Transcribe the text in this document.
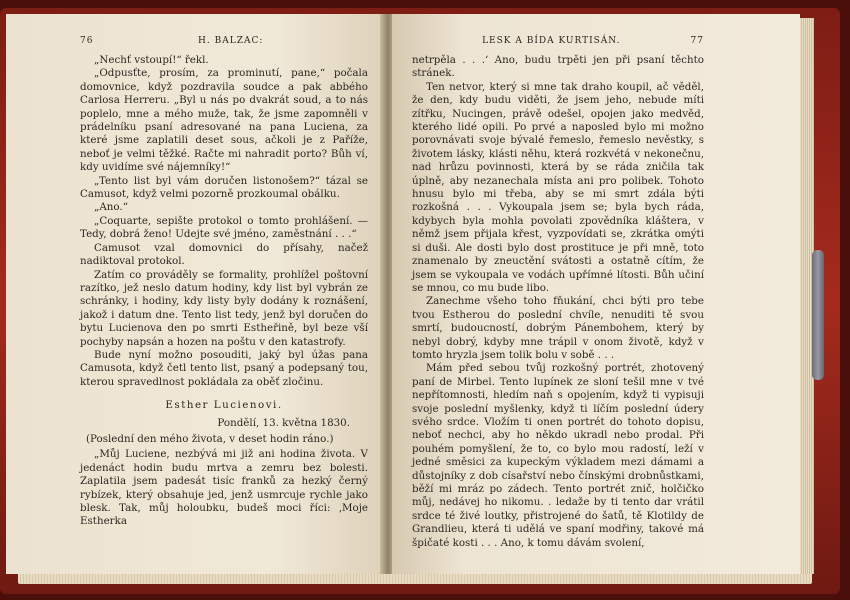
76	H. BALZAC:

„Nechť vstoupí!“ řekl.

„Odpusťte, prosím, za prominutí, pane,“ počala domovnice, když pozdravila soudce a pak abbého Carlosa Herreru. „Byl u nás po dvakrát soud, a to nás poplelo, mne a mého muže, tak, že jsme zapomněli v prádelníku psaní adresované na pana Luciena, za které jsme zaplatili deset sous, ačkoli je z Paříže, neboť je velmi těžké. Račte mi nahradit porto? Bůh ví, kdy uvidíme své nájemníky!“

„Tento list byl vám doručen listonošem?“ tázal se Camusot, když velmi pozorně prozkoumal obálku.

„Ano.“

„Coquarte, sepište protokol o tomto prohlášení. — Tedy, dobrá ženo! Udejte své jméno, zaměstnání . . .“

Camusot vzal domovnici do přísahy, načež nadiktoval protokol.

Zatím co prováděly se formality, prohlížel poštovní razítko, jež neslo datum hodiny, kdy list byl vybrán ze schránky, i hodiny, kdy listy byly dodány k roznášení, jakož i datum dne. Tento list tedy, jenž byl doručen do bytu Lucienova den po smrti Estheřině, byl beze vší pochyby napsán a hozen na poštu v den katastrofy.

Bude nyní možno posouditi, jaký byl úžas pana Camusota, když četl tento list, psaný a podepsaný tou, kterou spravedlnost pokládala za oběť zločinu.

Esther Lucienovi.

Pondělí, 13. května 1830.

(Poslední den mého života, v deset hodin ráno.)

„Můj Luciene, nezbývá mi již ani hodina života. V jedenáct hodin budu mrtva a zemru bez bolesti. Zaplatila jsem padesát tisíc franků za hezký černý rybízek, který obsahuje jed, jenž usmrcuje rychle jako blesk. Tak, můj holoubku, budeš moci říci: ‚Moje Estherka

LESK A BÍDA KURTISÁN.	77

netrpěla . . .‘ Ano, budu trpěti jen při psaní těchto stránek.

Ten netvor, který si mne tak draho koupil, ač věděl, že den, kdy budu viděti, že jsem jeho, nebude míti zítřku, Nucingen, právě odešel, opojen jako medvěd, kterého lidé opili. Po prvé a naposled bylo mi možno porovnávati svoje bývalé řemeslo, řemeslo nevěstky, s životem lásky, klásti něhu, která rozkvétá v nekonečnu, nad hrůzu povinnosti, která by se ráda zničila tak úplně, aby nezanechala místa ani pro polibek. Tohoto hnusu bylo mi třeba, aby se mi smrt zdála býti rozkošná . . . Vykoupala jsem se; byla bych ráda, kdybych byla mohla povolati zpovědníka kláštera, v němž jsem přijala křest, vyzpovídati se, zkrátka omýti si duši. Ale dosti bylo dost prostituce je při mně, toto znamenalo by zneuctění svátosti a ostatně cítím, že jsem se vykoupala ve vodách upřímné lítosti. Bůh učiní se mnou, co mu bude libo.

Zanechme všeho toho fňukání, chci býti pro tebe tvou Estherou do poslední chvíle, nenuditi tě svou smrtí, budoucností, dobrým Pánembohem, který by nebyl dobrý, kdyby mne trápil v onom životě, když v tomto hryzla jsem tolik bolu v sobě . . .

Mám před sebou tvůj rozkošný portrét, zhotovený paní de Mirbel. Tento lupínek ze sloní tešil mne v tvé nepřítomnosti, hledím naň s opojením, když ti vypisuji svoje poslední myšlenky, když ti líčím poslední údery svého srdce. Vložím ti onen portrét do tohoto dopisu, neboť nechci, aby ho někdo ukradl nebo prodal. Při pouhém pomyšlení, že to, co bylo mou radostí, leží v jedné směsici za kupeckým výkladem mezi dámami a důstojníky z dob císařství nebo čínskými drobnůstkami, běží mi mráz po zádech. Tento portrét znič, holčičko můj, nedávej ho nikomu. . ledaže by ti tento dar vrátil srdce té živé loutky, přistrojené do šatů, tě Klotildy de Grandlieu, která ti udělá ve spaní modřiny, takové má špičaté kosti . . . Ano, k tomu dávám svolení,
